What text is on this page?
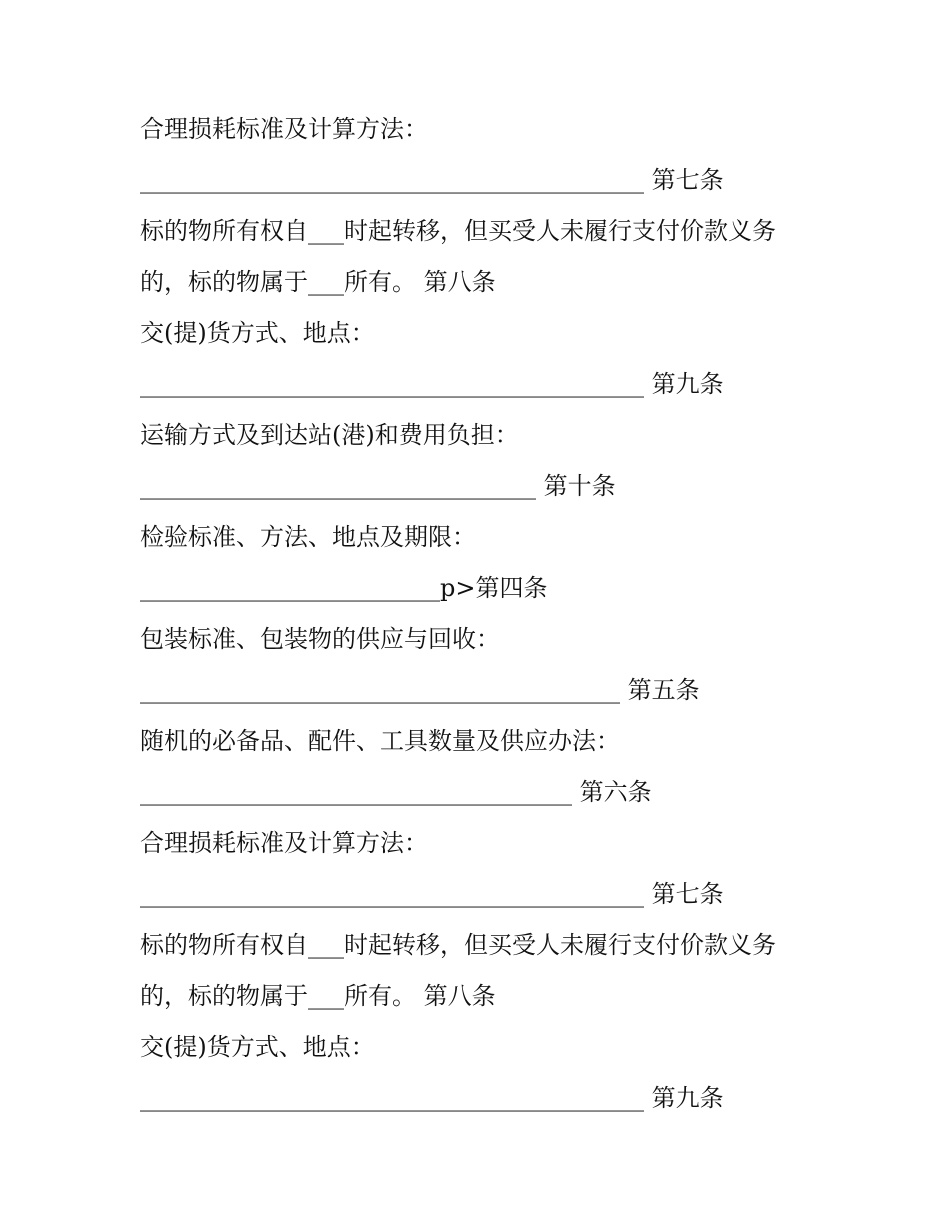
合理损耗标准及计算方法：
__________________________________________ 第七条
标的物所有权自___时起转移，但买受人未履行支付价款义务
的，标的物属于___所有。 第八条
交(提)货方式、地点：
__________________________________________ 第九条
运输方式及到达站(港)和费用负担：
_________________________________ 第十条
检验标准、方法、地点及期限：
_________________________p>第四条
包装标准、包装物的供应与回收：
________________________________________ 第五条
随机的必备品、配件、工具数量及供应办法：
____________________________________ 第六条
合理损耗标准及计算方法：
__________________________________________ 第七条
标的物所有权自___时起转移，但买受人未履行支付价款义务
的，标的物属于___所有。 第八条
交(提)货方式、地点：
__________________________________________ 第九条
